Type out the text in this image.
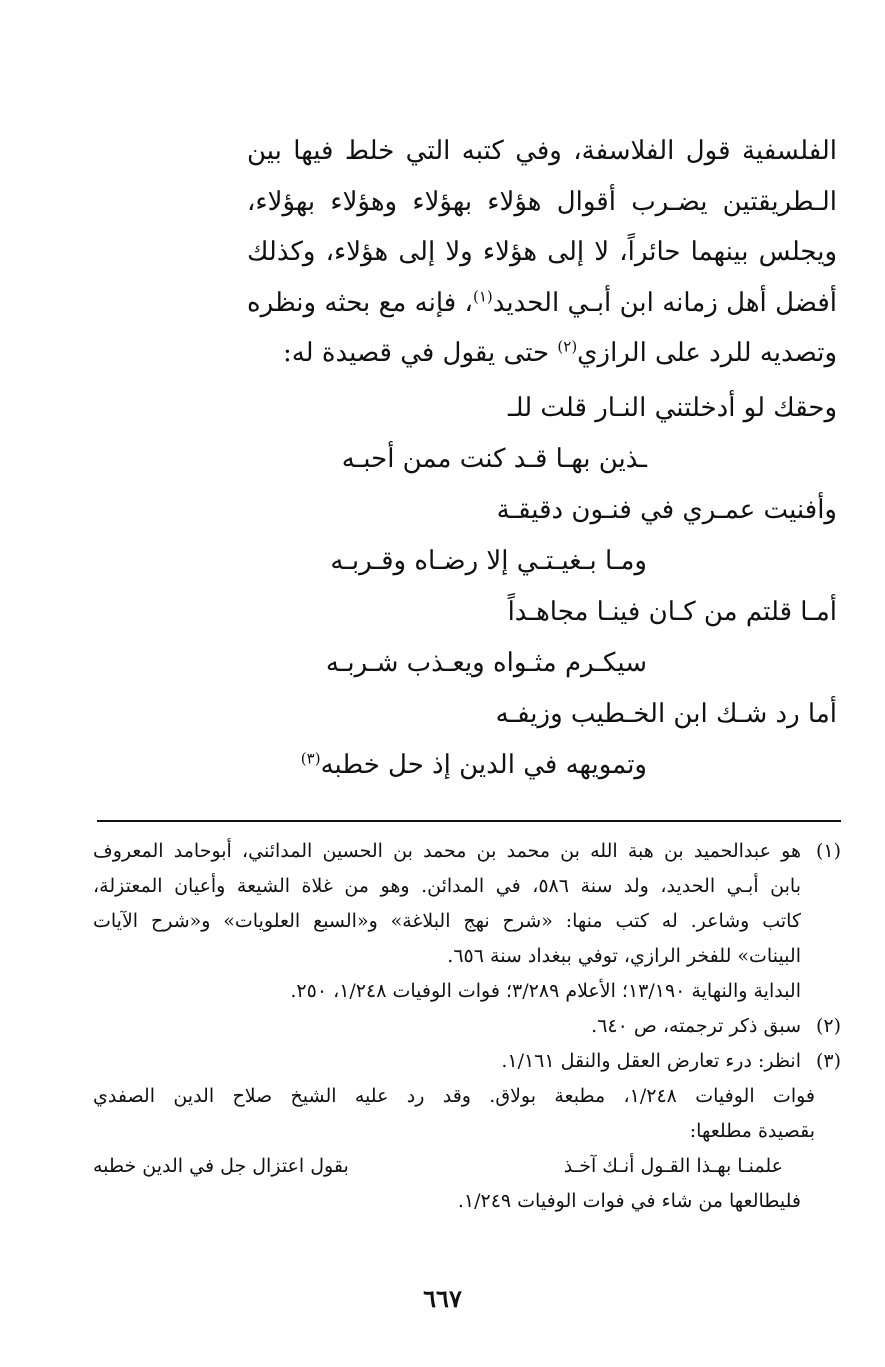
الفلسفية قول الفلاسفة، وفي كتبه التي خلط فيها بين
الـطريقتين يضـرب أقوال هؤلاء بهؤلاء وهؤلاء بهؤلاء،
ويجلس بينهما حائراً، لا إلى هؤلاء ولا إلى هؤلاء، وكذلك
أفضل أهل زمانه ابن أبـي الحديد$^{(١)}$، فإنه مع بحثه ونظره
وتصديه للرد على الرازي$^{(٢)}$ حتى يقول في قصيدة له:
وحقك لو أدخلتني النـار قلت للـ
ـذين بهـا قـد كنت ممن أحبـه
وأفنيت عمـري في فنـون دقيقـة
ومـا بـغيـتـي إلا رضـاه وقـربـه
أمـا قلتم من كـان فينـا مجاهـداً
سيكـرم مثـواه ويعـذب شـربـه
أما رد شـك ابن الخـطيب وزيفـه
وتمويهه في الدين إذ حل خطبه$^{(٣)}$
(١)
هو عبدالحميد بن هبة الله بن محمد بن محمد بن الحسين المدائني، أبوحامد المعروف
بابن أبـي الحديد، ولد سنة ٥٨٦، في المدائن. وهو من غلاة الشيعة وأعيان المعتزلة،
كاتب وشاعر. له كتب منها: «شرح نهج البلاغة» و«السبع العلويات» و«شرح الآيات
البينات» للفخر الرازي، توفي ببغداد سنة ٦٥٦.
البداية والنهاية ١٣/١٩٠؛ الأعلام ٣/٢٨٩؛ فوات الوفيات ١/٢٤٨، ٢٥٠.
(٢)
سبق ذكر ترجمته، ص ٦٤٠.
(٣)
انظر: درء تعارض العقل والنقل ١/١٦١.
فوات الوفيات ١/٢٤٨، مطبعة بولاق. وقد رد عليه الشيخ صلاح الدين الصفدي
بقصيدة مطلعها:
علمنـا بهـذا القـول أنـك آخـذ
بقول اعتزال جل في الدين خطبه
فليطالعها من شاء في فوات الوفيات ١/٢٤٩.
٦٦٧
